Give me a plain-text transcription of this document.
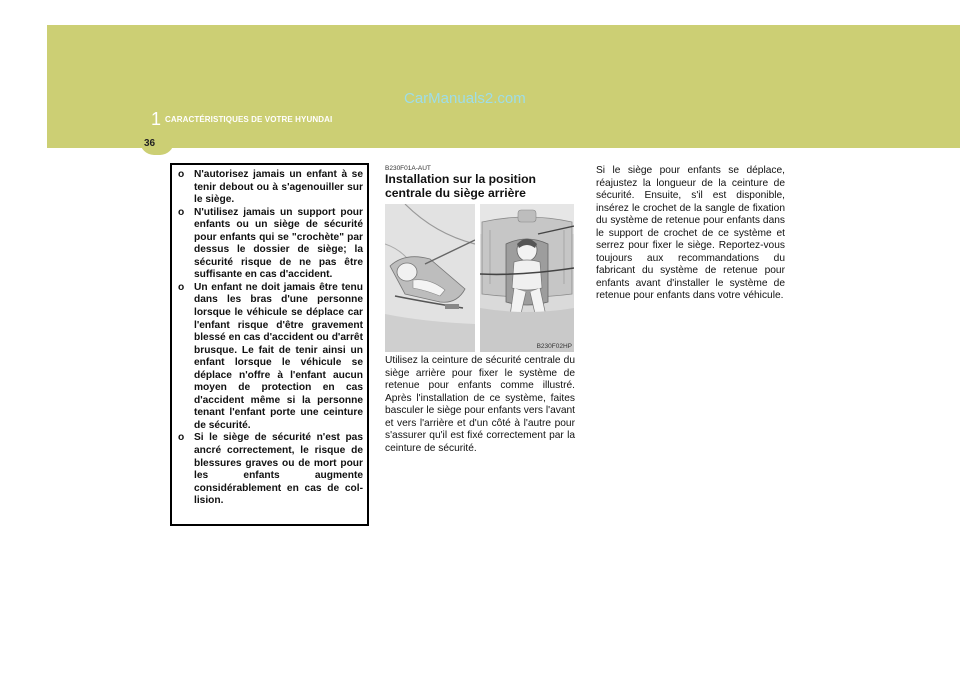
CarManuals2.com
1 CARACTÉRISTIQUES DE VOTRE HYUNDAI
36
o N'autorisez jamais un enfant à se tenir debout ou à s'agenouiller sur le siège.
o N'utilisez jamais un support pour enfants ou un siège de sécurité pour enfants qui se "crochète" par dessus le dossier de siège; la sécurité risque de ne pas être suffisante en cas d'accident.
o Un enfant ne doit jamais être tenu dans les bras d'une personne lorsque le véhicule se déplace car l'enfant risque d'être gravement blessé en cas d'accident ou d'arrêt brusque. Le fait de tenir ainsi un enfant lorsque le véhicule se déplace n'offre à l'enfant aucun moyen de protection en cas d'accident même si la personne tenant l'enfant porte une ceinture de sécurité.
o Si le siège de sécurité n'est pas ancré correctement, le risque de blessures graves ou de mort pour les enfants augmente considérablement en cas de col-lision.
B230F01A-AUT
Installation sur la position centrale du siège arrière
B230F02HP
Utilisez la ceinture de sécurité centrale du siège arrière pour fixer le système de retenue pour enfants comme illustré. Après l'installation de ce système, faites basculer le siège pour enfants vers l'avant et vers l'arrière et d'un côté à l'autre pour s'assurer qu'il est fixé correctement par la ceinture de sécurité.
Si le siège pour enfants se déplace, réajustez la longueur de la ceinture de sécurité. Ensuite, s'il est disponible, insérez le crochet de la sangle de fixation du système de retenue pour enfants dans le support de crochet de ce système et serrez pour fixer le siège. Reportez-vous toujours aux recommandations du fabricant du système de retenue pour enfants avant d'installer le système de retenue pour enfants dans votre véhicule.
